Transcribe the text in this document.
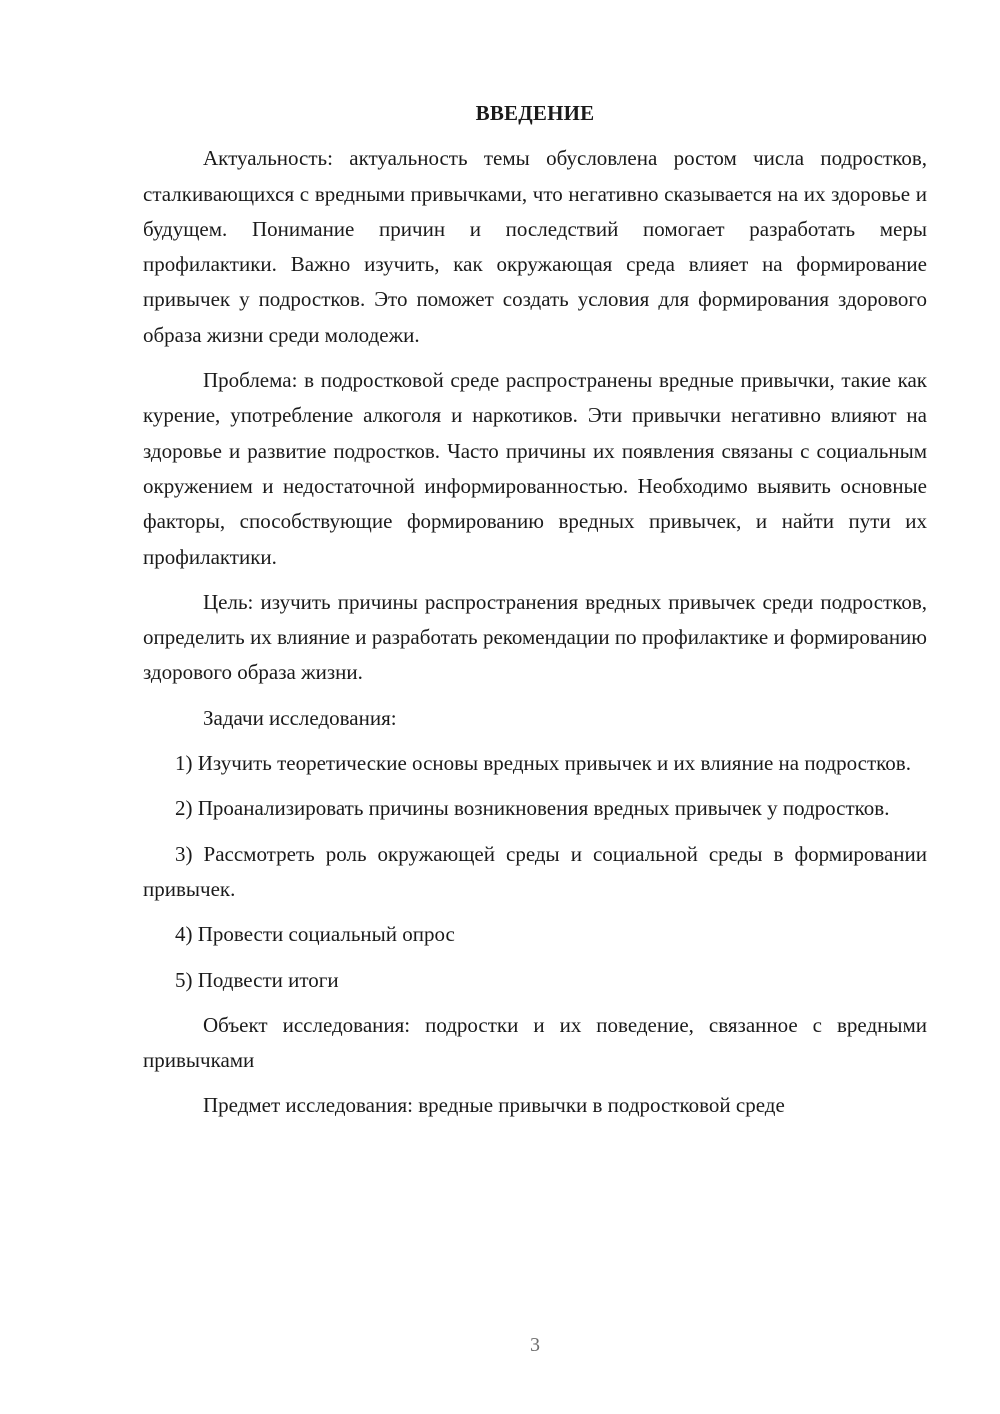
ВВЕДЕНИЕ

Актуальность: актуальность темы обусловлена ростом числа подростков, сталкивающихся с вредными привычками, что негативно сказывается на их здоровье и будущем. Понимание причин и последствий помогает разработать меры профилактики. Важно изучить, как окружающая среда влияет на формирование привычек у подростков. Это поможет создать условия для формирования здорового образа жизни среди молодежи.

Проблема: в подростковой среде распространены вредные привычки, такие как курение, употребление алкоголя и наркотиков. Эти привычки негативно влияют на здоровье и развитие подростков. Часто причины их появления связаны с социальным окружением и недостаточной информированностью. Необходимо выявить основные факторы, способствующие формированию вредных привычек, и найти пути их профилактики.

Цель: изучить причины распространения вредных привычек среди подростков, определить их влияние и разработать рекомендации по профилактике и формированию здорового образа жизни.

Задачи исследования:

1) Изучить теоретические основы вредных привычек и их влияние на подростков.

2) Проанализировать причины возникновения вредных привычек у подростков.

3) Рассмотреть роль окружающей среды и социальной среды в формировании привычек.

4) Провести социальный опрос

5) Подвести итоги

Объект исследования: подростки и их поведение, связанное с вредными привычками

Предмет исследования: вредные привычки в подростковой среде

3
